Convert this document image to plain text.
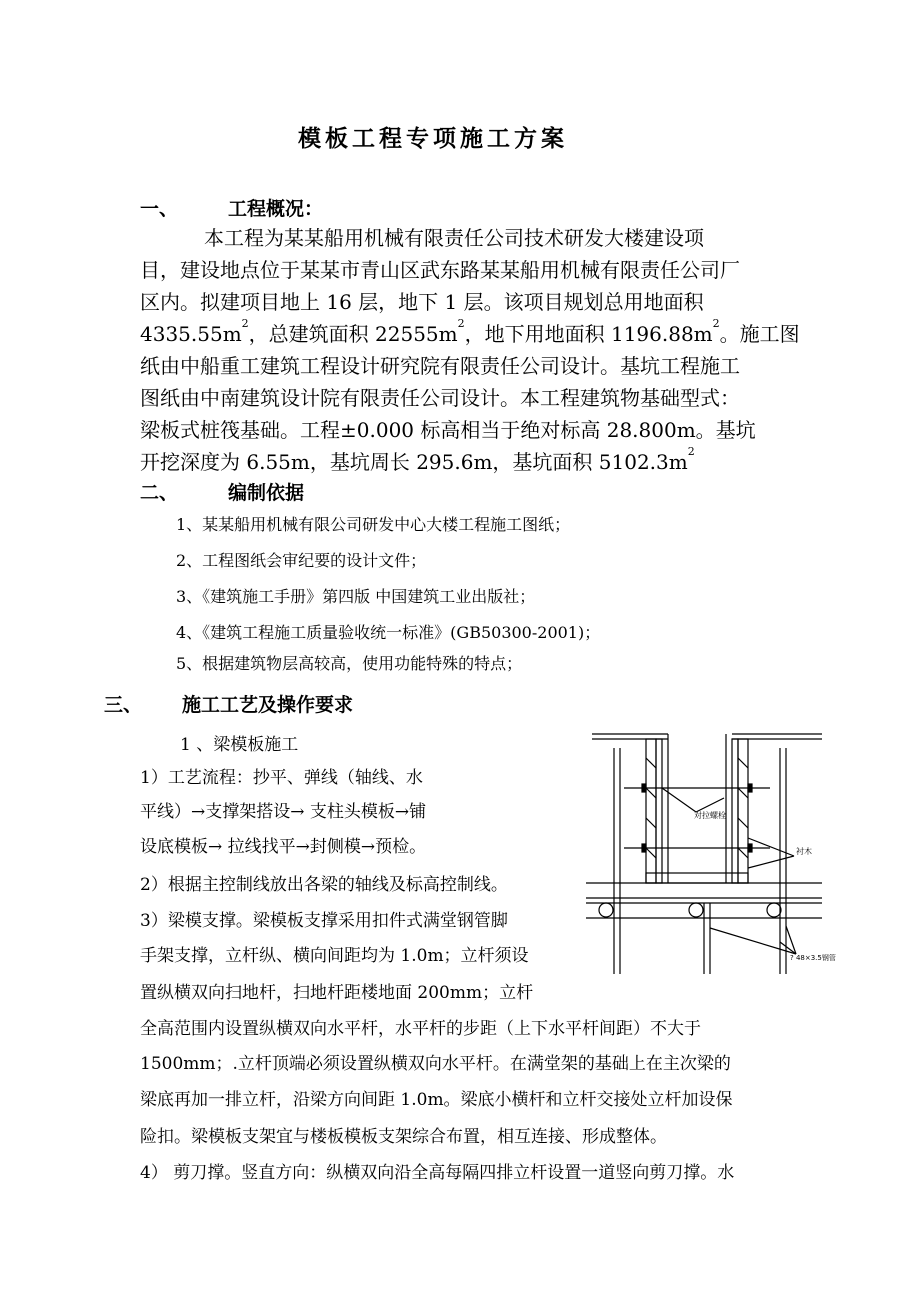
模板工程专项施工方案
一、	工程概况：
本工程为某某船用机械有限责任公司技术研发大楼建设项
目，建设地点位于某某市青山区武东路某某船用机械有限责任公司厂
区内。拟建项目地上 16 层，地下 1 层。该项目规划总用地面积
$4335.55m^2$，总建筑面积 $22555m^2$，地下用地面积 $1196.88m^2$。施工图
纸由中船重工建筑工程设计研究院有限责任公司设计。基坑工程施工
图纸由中南建筑设计院有限责任公司设计。本工程建筑物基础型式：
梁板式桩筏基础。工程±0.000 标高相当于绝对标高 28.800m。基坑
开挖深度为 6.55m，基坑周长 295.6m，基坑面积 $5102.3m^2$
二、	编制依据
1、某某船用机械有限公司研发中心大楼工程施工图纸；
2、工程图纸会审纪要的设计文件；
3、《建筑施工手册》第四版 中国建筑工业出版社；
4、《建筑工程施工质量验收统一标准》(GB50300-2001)；
5、根据建筑物层高较高，使用功能特殊的特点；
三、 施工工艺及操作要求
1 、梁模板施工
1）工艺流程：抄平、弹线（轴线、水
平线）→支撑架搭设→ 支柱头模板→铺
设底模板→ 拉线找平→封侧模→预检。
2）根据主控制线放出各梁的轴线及标高控制线。
3）梁模支撑。梁模板支撑采用扣件式满堂钢管脚
手架支撑，立杆纵、横向间距均为 1.0m；立杆须设
置纵横双向扫地杆，扫地杆距楼地面 200mm；立杆
全高范围内设置纵横双向水平杆，水平杆的步距（上下水平杆间距）不大于
1500mm；.立杆顶端必须设置纵横双向水平杆。在满堂架的基础上在主次梁的
梁底再加一排立杆，沿梁方向间距 1.0m。梁底小横杆和立杆交接处立杆加设保
险扣。梁模板支架宜与楼板模板支架综合布置，相互连接、形成整体。
4） 剪刀撑。竖直方向：纵横双向沿全高每隔四排立杆设置一道竖向剪刀撑。水
对拉螺栓
衬木
? 48×3.5钢管
